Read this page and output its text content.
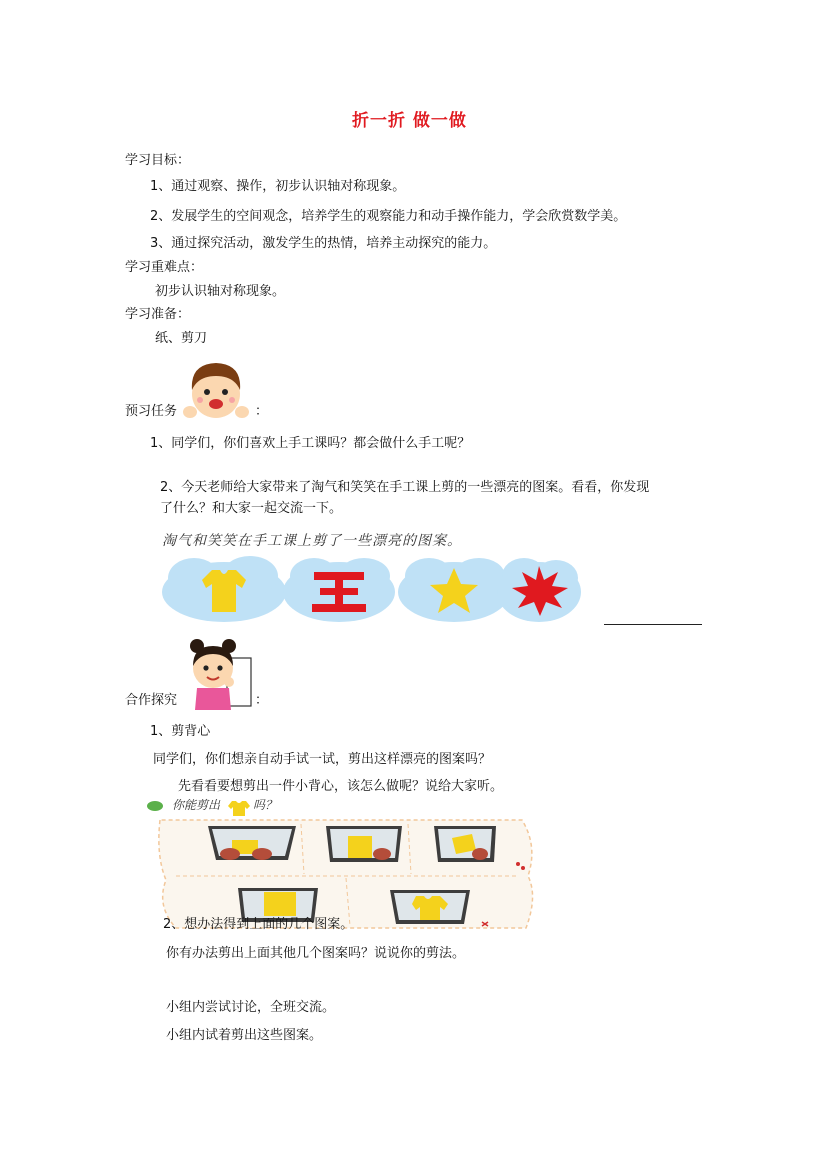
折一折 做一做
学习目标：
1、通过观察、操作，初步认识轴对称现象。
2、发展学生的空间观念，培养学生的观察能力和动手操作能力，学会欣赏数学美。
3、通过探究活动，激发学生的热情，培养主动探究的能力。
学习重难点：
初步认识轴对称现象。
学习准备：
纸、剪刀
预习任务	：
1、同学们，你们喜欢上手工课吗？都会做什么手工呢？
2、今天老师给大家带来了淘气和笑笑在手工课上剪的一些漂亮的图案。看看，你发现
了什么？和大家一起交流一下。
淘气和笑笑在手工课上剪了一些漂亮的图案。
合作探究	：
1、剪背心
同学们，你们想亲自动手试一试，剪出这样漂亮的图案吗？
先看看要想剪出一件小背心，该怎么做呢？说给大家听。
你能剪出	吗？
2、想办法得到上面的几个图案。
你有办法剪出上面其他几个图案吗？说说你的剪法。
小组内尝试讨论，全班交流。
小组内试着剪出这些图案。
